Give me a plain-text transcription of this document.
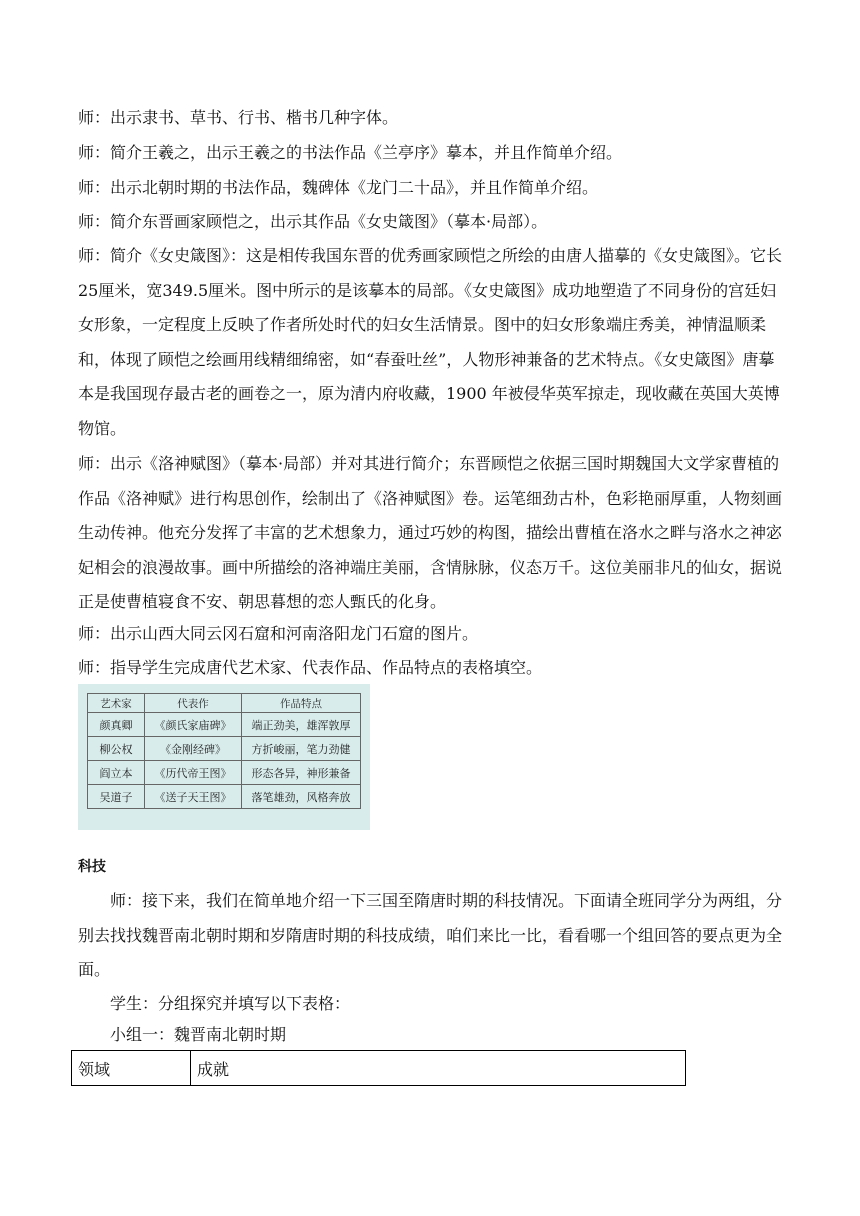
师：出示隶书、草书、行书、楷书几种字体。
师：简介王羲之，出示王羲之的书法作品《兰亭序》摹本，并且作简单介绍。
师：出示北朝时期的书法作品，魏碑体《龙门二十品》，并且作简单介绍。
师：简介东晋画家顾恺之，出示其作品《女史箴图》（摹本·局部）。
师：简介《女史箴图》：这是相传我国东晋的优秀画家顾恺之所绘的由唐人描摹的《女史箴图》。它长25厘米，宽349.5厘米。图中所示的是该摹本的局部。《女史箴图》成功地塑造了不同身份的宫廷妇女形象，一定程度上反映了作者所处时代的妇女生活情景。图中的妇女形象端庄秀美，神情温顺柔和，体现了顾恺之绘画用线精细绵密，如“春蚕吐丝”，人物形神兼备的艺术特点。《女史箴图》唐摹本是我国现存最古老的画卷之一，原为清内府收藏，1900 年被侵华英军掠走，现收藏在英国大英博物馆。
师：出示《洛神赋图》（摹本·局部）并对其进行简介；东晋顾恺之依据三国时期魏国大文学家曹植的作品《洛神赋》进行构思创作，绘制出了《洛神赋图》卷。运笔细劲古朴，色彩艳丽厚重，人物刻画生动传神。他充分发挥了丰富的艺术想象力，通过巧妙的构图，描绘出曹植在洛水之畔与洛水之神宓妃相会的浪漫故事。画中所描绘的洛神端庄美丽，含情脉脉，仪态万千。这位美丽非凡的仙女，据说正是使曹植寝食不安、朝思暮想的恋人甄氏的化身。
师：出示山西大同云冈石窟和河南洛阳龙门石窟的图片。
师：指导学生完成唐代艺术家、代表作品、作品特点的表格填空。
艺术家	代表作	作品特点
颜真卿	《颜氏家庙碑》	端正劲美，雄浑敦厚
柳公权	《金刚经碑》	方折峻丽，笔力劲健
阎立本	《历代帝王图》	形态各异，神形兼备
吴道子	《送子天王图》	落笔雄劲，风格奔放
科技
师：接下来，我们在简单地介绍一下三国至隋唐时期的科技情况。下面请全班同学分为两组，分别去找找魏晋南北朝时期和岁隋唐时期的科技成绩，咱们来比一比，看看哪一个组回答的要点更为全面。
学生：分组探究并填写以下表格：
小组一：魏晋南北朝时期
领域	成就
